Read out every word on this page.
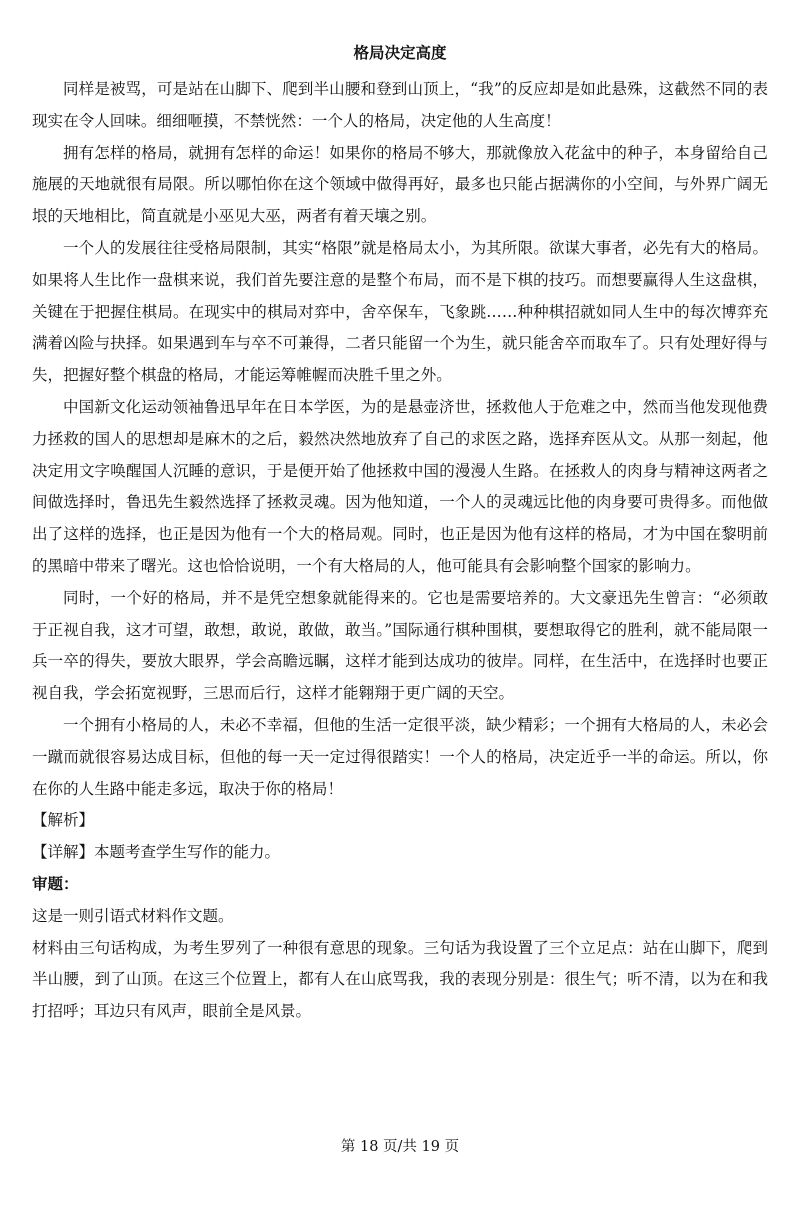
格局决定高度

同样是被骂，可是站在山脚下、爬到半山腰和登到山顶上，“我”的反应却是如此悬殊，这截然不同的表现实在令人回味。细细咂摸，不禁恍然：一个人的格局，决定他的人生高度！

拥有怎样的格局，就拥有怎样的命运！如果你的格局不够大，那就像放入花盆中的种子，本身留给自己施展的天地就很有局限。所以哪怕你在这个领域中做得再好，最多也只能占据满你的小空间，与外界广阔无垠的天地相比，简直就是小巫见大巫，两者有着天壤之别。

一个人的发展往往受格局限制，其实“格限”就是格局太小，为其所限。欲谋大事者，必先有大的格局。如果将人生比作一盘棋来说，我们首先要注意的是整个布局，而不是下棋的技巧。而想要赢得人生这盘棋，关键在于把握住棋局。在现实中的棋局对弈中，舍卒保车，飞象跳……种种棋招就如同人生中的每次博弈充满着凶险与抉择。如果遇到车与卒不可兼得，二者只能留一个为生，就只能舍卒而取车了。只有处理好得与失，把握好整个棋盘的格局，才能运筹帷幄而决胜千里之外。

中国新文化运动领袖鲁迅早年在日本学医，为的是悬壶济世，拯救他人于危难之中，然而当他发现他费力拯救的国人的思想却是麻木的之后，毅然决然地放弃了自己的求医之路，选择弃医从文。从那一刻起，他决定用文字唤醒国人沉睡的意识，于是便开始了他拯救中国的漫漫人生路。在拯救人的肉身与精神这两者之间做选择时，鲁迅先生毅然选择了拯救灵魂。因为他知道，一个人的灵魂远比他的肉身要可贵得多。而他做出了这样的选择，也正是因为他有一个大的格局观。同时，也正是因为他有这样的格局，才为中国在黎明前的黑暗中带来了曙光。这也恰恰说明，一个有大格局的人，他可能具有会影响整个国家的影响力。

同时，一个好的格局，并不是凭空想象就能得来的。它也是需要培养的。大文豪迅先生曾言：“必须敢于正视自我，这才可望，敢想，敢说，敢做，敢当。”国际通行棋种围棋，要想取得它的胜利，就不能局限一兵一卒的得失，要放大眼界，学会高瞻远瞩，这样才能到达成功的彼岸。同样，在生活中，在选择时也要正视自我，学会拓宽视野，三思而后行，这样才能翱翔于更广阔的天空。

一个拥有小格局的人，未必不幸福，但他的生活一定很平淡，缺少精彩；一个拥有大格局的人，未必会一蹴而就很容易达成目标，但他的每一天一定过得很踏实！一个人的格局，决定近乎一半的命运。所以，你在你的人生路中能走多远，取决于你的格局！

【解析】

【详解】本题考查学生写作的能力。

审题：

这是一则引语式材料作文题。

材料由三句话构成，为考生罗列了一种很有意思的现象。三句话为我设置了三个立足点：站在山脚下，爬到半山腰，到了山顶。在这三个位置上，都有人在山底骂我，我的表现分别是：很生气；听不清，以为在和我打招呼；耳边只有风声，眼前全是风景。

第 18 页/共 19 页
